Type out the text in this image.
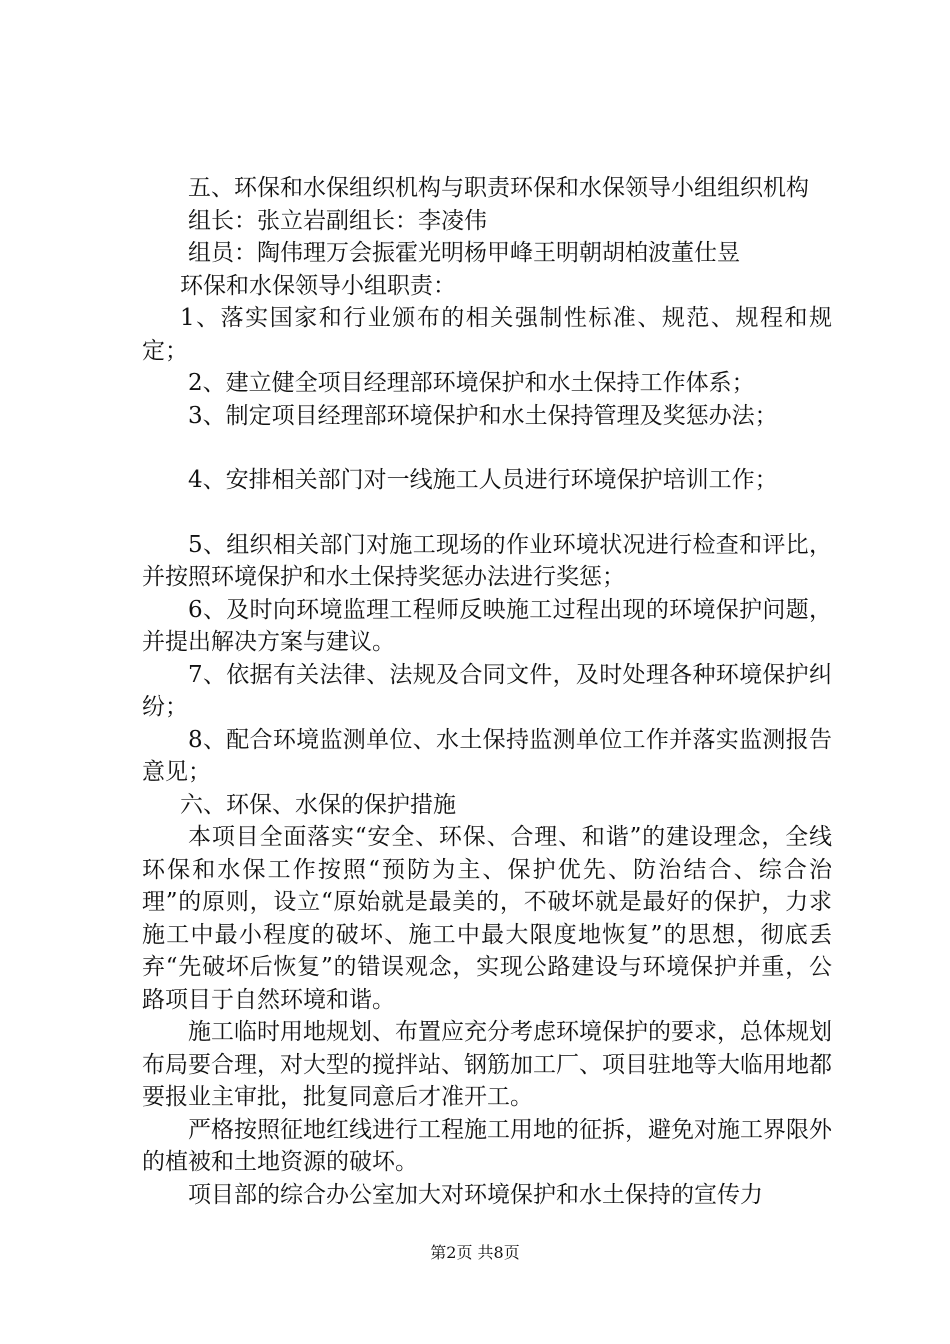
五、环保和水保组织机构与职责环保和水保领导小组组织机构

组长：张立岩副组长：李凌伟

组员：陶伟理万会振霍光明杨甲峰王明朝胡柏波董仕昱

环保和水保领导小组职责：

1、落实国家和行业颁布的相关强制性标准、规范、规程和规定；

2、建立健全项目经理部环境保护和水土保持工作体系；

3、制定项目经理部环境保护和水土保持管理及奖惩办法；

4、安排相关部门对一线施工人员进行环境保护培训工作；

5、组织相关部门对施工现场的作业环境状况进行检查和评比，并按照环境保护和水土保持奖惩办法进行奖惩；

6、及时向环境监理工程师反映施工过程出现的环境保护问题，并提出解决方案与建议。

7、依据有关法律、法规及合同文件，及时处理各种环境保护纠纷；

8、配合环境监测单位、水土保持监测单位工作并落实监测报告意见；

六、环保、水保的保护措施

本项目全面落实“安全、环保、合理、和谐”的建设理念，全线环保和水保工作按照“预防为主、保护优先、防治结合、综合治理”的原则，设立“原始就是最美的，不破坏就是最好的保护，力求施工中最小程度的破坏、施工中最大限度地恢复”的思想，彻底丢弃“先破坏后恢复”的错误观念，实现公路建设与环境保护并重，公路项目于自然环境和谐。

施工临时用地规划、布置应充分考虑环境保护的要求，总体规划布局要合理，对大型的搅拌站、钢筋加工厂、项目驻地等大临用地都要报业主审批，批复同意后才准开工。

严格按照征地红线进行工程施工用地的征拆，避免对施工界限外的植被和土地资源的破坏。

项目部的综合办公室加大对环境保护和水土保持的宣传力

第2页 共8页
